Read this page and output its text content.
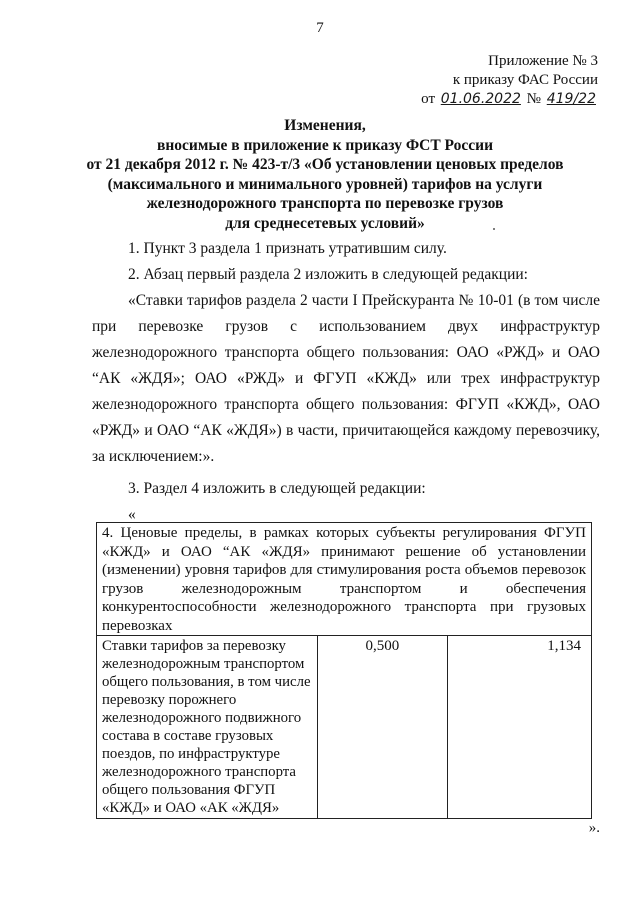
7
Приложение № 3
к приказу ФАС России
от 01.06.2022 № 419/22
Изменения,
вносимые в приложение к приказу ФСТ России
от 21 декабря 2012 г. № 423-т/3 «Об установлении ценовых пределов
(максимального и минимального уровней) тарифов на услуги
железнодорожного транспорта по перевозке грузов
для среднесетевых условий»

1. Пункт 3 раздела 1 признать утратившим силу.

2. Абзац первый раздела 2 изложить в следующей редакции:

«Ставки тарифов раздела 2 части I Прейскуранта № 10-01 (в том числе при перевозке грузов с использованием двух инфраструктур железнодорожного транспорта общего пользования: ОАО «РЖД» и ОАО “АК «ЖДЯ»; ОАО «РЖД» и ФГУП «КЖД» или трех инфраструктур железнодорожного транспорта общего пользования: ФГУП «КЖД», ОАО «РЖД» и ОАО “АК «ЖДЯ») в части, причитающейся каждому перевозчику, за исключением:».

3. Раздел 4 изложить в следующей редакции:

«

4. Ценовые пределы, в рамках которых субъекты регулирования ФГУП «КЖД» и ОАО “АК «ЖДЯ» принимают решение об установлении (изменении) уровня тарифов для стимулирования роста объемов перевозок грузов железнодорожным транспортом и обеспечения конкурентоспособности железнодорожного транспорта при грузовых перевозках
Ставки тарифов за перевозку железнодорожным транспортом общего пользования, в том числе перевозку порожнего железнодорожного подвижного состава в составе грузовых поездов, по инфраструктуре железнодорожного транспорта общего пользования ФГУП «КЖД» и ОАО «АК «ЖДЯ»	0,500	1,134
».
